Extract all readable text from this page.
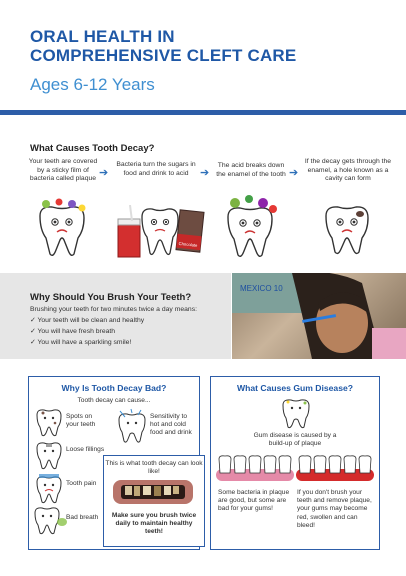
ORAL HEALTH IN
COMPREHENSIVE CLEFT CARE
Ages 6-12 Years
What Causes Tooth Decay?
Your teeth are covered by a sticky film of bacteria called plaque ➔
Bacteria turn the sugars in food and drink to acid	➔
The acid breaks down the enamel of the tooth ➔
If the decay gets through the enamel, a hole known as a cavity can form
Chocolate
Why Should You Brush Your Teeth?
Brushing your teeth for two minutes twice a day means:
✓ Your teeth will be clean and healthy
✓ You will have fresh breath
✓ You will have a sparkling smile!
MEXICO 10
Why Is Tooth Decay Bad?
Tooth decay can cause...
Spots on your teeth
Sensitivity to hot and cold food and drink
Loose fillings
Tooth pain
Bad breath
This is what tooth decay can look like!
Make sure you brush twice daily to maintain healthy teeth!
What Causes Gum Disease?
Gum disease is caused by a build-up of plaque
Some bacteria in plaque are good, but some are bad for your gums!
If you don't brush your teeth and remove plaque, your gums may become red, swollen and can bleed!
